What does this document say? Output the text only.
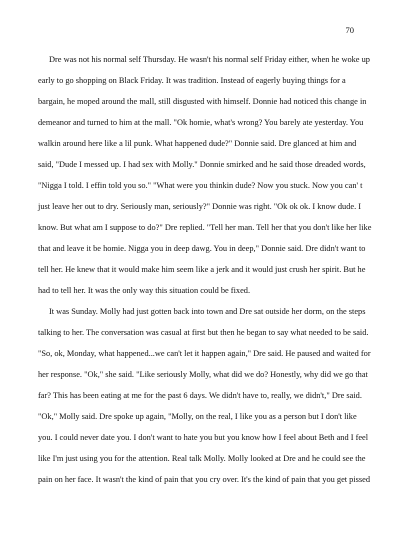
70

Dre was not his normal self Thursday. He wasn't his normal self Friday either, when he woke up early to go shopping on Black Friday. It was tradition. Instead of eagerly buying things for a bargain, he moped around the mall, still disgusted with himself. Donnie had noticed this change in demeanor and turned to him at the mall. "Ok homie, what's wrong? You barely ate yesterday. You walkin around here like a lil punk. What happened dude?" Donnie said. Dre glanced at him and said, "Dude I messed up. I had sex with Molly." Donnie smirked and he said those dreaded words, "Nigga I told. I effin told you so." "What were you thinkin dude? Now you stuck. Now you can' t just leave her out to dry. Seriously man, seriously?" Donnie was right. "Ok ok ok. I know dude. I know. But what am I suppose to do?" Dre replied. "Tell her man. Tell her that you don't like her like that and leave it be homie. Nigga you in deep dawg. You in deep," Donnie said. Dre didn't want to tell her. He knew that it would make him seem like a jerk and it would just crush her spirit. But he had to tell her. It was the only way this situation could be fixed.

It was Sunday. Molly had just gotten back into town and Dre sat outside her dorm, on the steps talking to her. The conversation was casual at first but then he began to say what needed to be said. "So, ok, Monday, what happened...we can't let it happen again," Dre said. He paused and waited for her response. "Ok," she said. "Like seriously Molly, what did we do? Honestly, why did we go that far? This has been eating at me for the past 6 days. We didn't have to, really, we didn't," Dre said. "Ok," Molly said. Dre spoke up again, "Molly, on the real, I like you as a person but I don't like you. I could never date you. I don't want to hate you but you know how I feel about Beth and I feel like I'm just using you for the attention. Real talk Molly. Molly looked at Dre and he could see the pain on her face. It wasn't the kind of pain that you cry over. It's the kind of pain that you get pissed
